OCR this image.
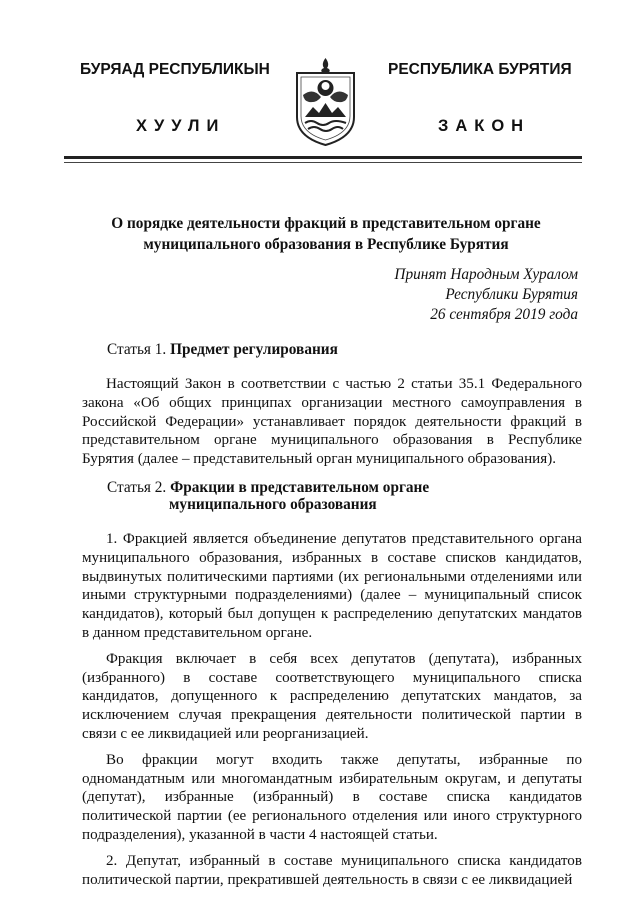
БУРЯАД РЕСПУБЛИКЫН
ХУУЛИ
РЕСПУБЛИКА БУРЯТИЯ
ЗАКОН
О порядке деятельности фракций в представительном органе
муниципального образования в Республике Бурятия
Принят Народным Хуралом
Республики Бурятия
26 сентября 2019 года
Статья 1. Предмет регулирования
Настоящий Закон в соответствии с частью 2 статьи 35.1 Федерального закона «Об общих принципах организации местного самоуправления в Российской Федерации» устанавливает порядок деятельности фракций в представительном органе муниципального образования в Республике Бурятия (далее – представительный орган муниципального образования).
Статья 2. Фракции в представительном органе
муниципального образования

1. Фракцией является объединение депутатов представительного органа муниципального образования, избранных в составе списков кандидатов, выдвинутых политическими партиями (их региональными отделениями или иными структурными подразделениями) (далее – муниципальный список кандидатов), который был допущен к распределению депутатских мандатов в данном представительном органе.

Фракция включает в себя всех депутатов (депутата), избранных (избранного) в составе соответствующего муниципального списка кандидатов, допущенного к распределению депутатских мандатов, за исключением случая прекращения деятельности политической партии в связи с ее ликвидацией или реорганизацией.

Во фракции могут входить также депутаты, избранные по одномандатным или многомандатным избирательным округам, и депутаты (депутат), избранные (избранный) в составе списка кандидатов политической партии (ее регионального отделения или иного структурного подразделения), указанной в части 4 настоящей статьи.

2. Депутат, избранный в составе муниципального списка кандидатов политической партии, прекратившей деятельность в связи с ее ликвидацией
